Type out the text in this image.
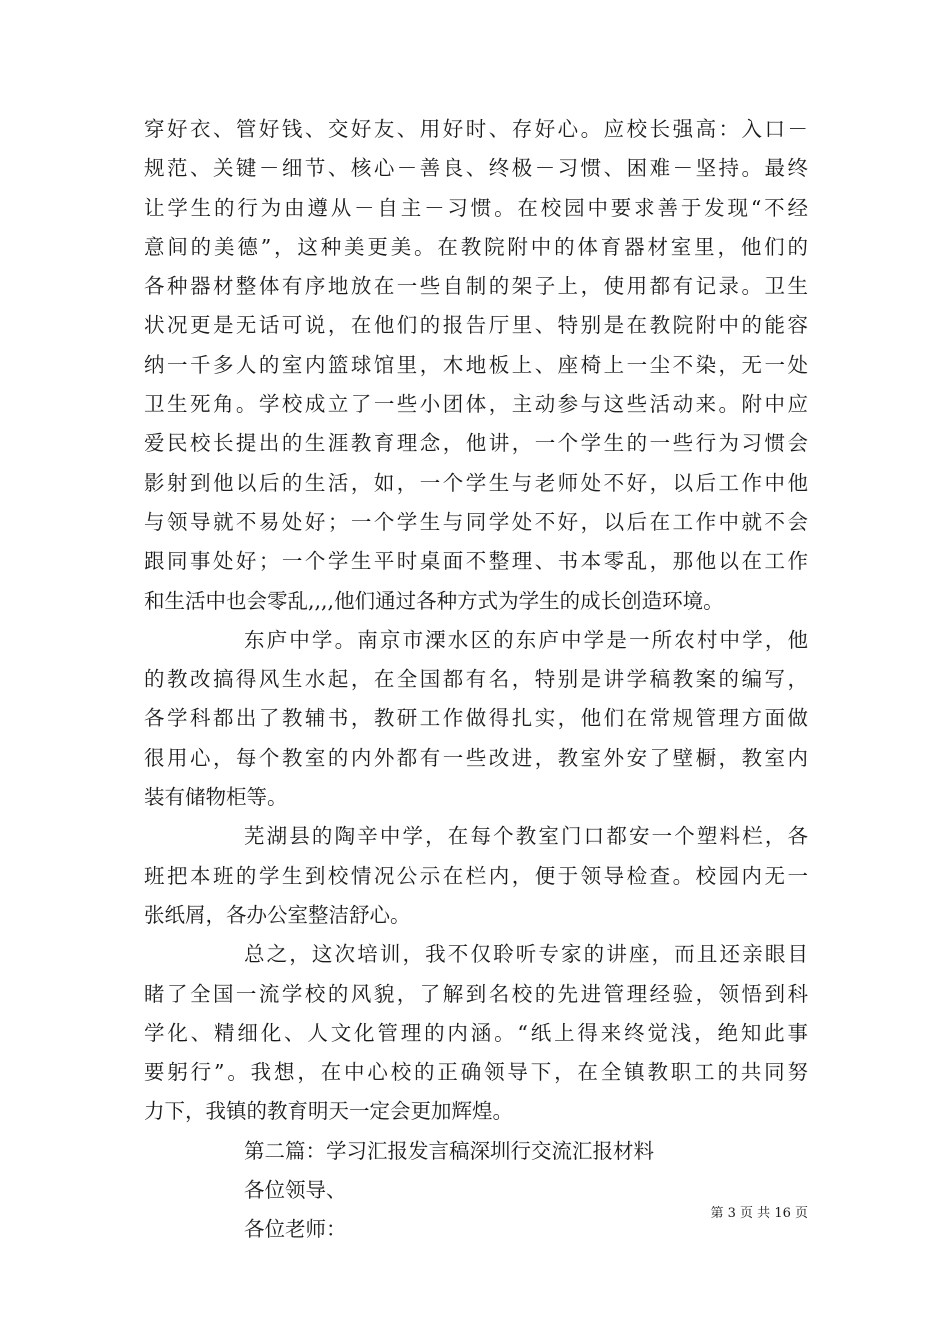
穿好衣、管好钱、交好友、用好时、存好心。应校长强高：入口－
规范、关键－细节、核心－善良、终极－习惯、困难－坚持。最终
让学生的行为由遵从－自主－习惯。在校园中要求善于发现“不经
意间的美德”，这种美更美。在教院附中的体育器材室里，他们的
各种器材整体有序地放在一些自制的架子上，使用都有记录。卫生
状况更是无话可说，在他们的报告厅里、特别是在教院附中的能容
纳一千多人的室内篮球馆里，木地板上、座椅上一尘不染，无一处
卫生死角。学校成立了一些小团体，主动参与这些活动来。附中应
爱民校长提出的生涯教育理念，他讲，一个学生的一些行为习惯会
影射到他以后的生活，如，一个学生与老师处不好，以后工作中他
与领导就不易处好；一个学生与同学处不好，以后在工作中就不会
跟同事处好；一个学生平时桌面不整理、书本零乱，那他以在工作
和生活中也会零乱,,,,他们通过各种方式为学生的成长创造环境。
东庐中学。南京市溧水区的东庐中学是一所农村中学，他
的教改搞得风生水起，在全国都有名，特别是讲学稿教案的编写，
各学科都出了教辅书，教研工作做得扎实，他们在常规管理方面做
很用心，每个教室的内外都有一些改进，教室外安了壁橱，教室内
装有储物柜等。
芜湖县的陶辛中学，在每个教室门口都安一个塑料栏，各
班把本班的学生到校情况公示在栏内，便于领导检查。校园内无一
张纸屑，各办公室整洁舒心。
总之，这次培训，我不仅聆听专家的讲座，而且还亲眼目
睹了全国一流学校的风貌，了解到名校的先进管理经验，领悟到科
学化、精细化、人文化管理的内涵。“纸上得来终觉浅，绝知此事
要躬行”。我想，在中心校的正确领导下，在全镇教职工的共同努
力下，我镇的教育明天一定会更加辉煌。
第二篇：学习汇报发言稿深圳行交流汇报材料
各位领导、
各位老师：
第 3 页 共 16 页
